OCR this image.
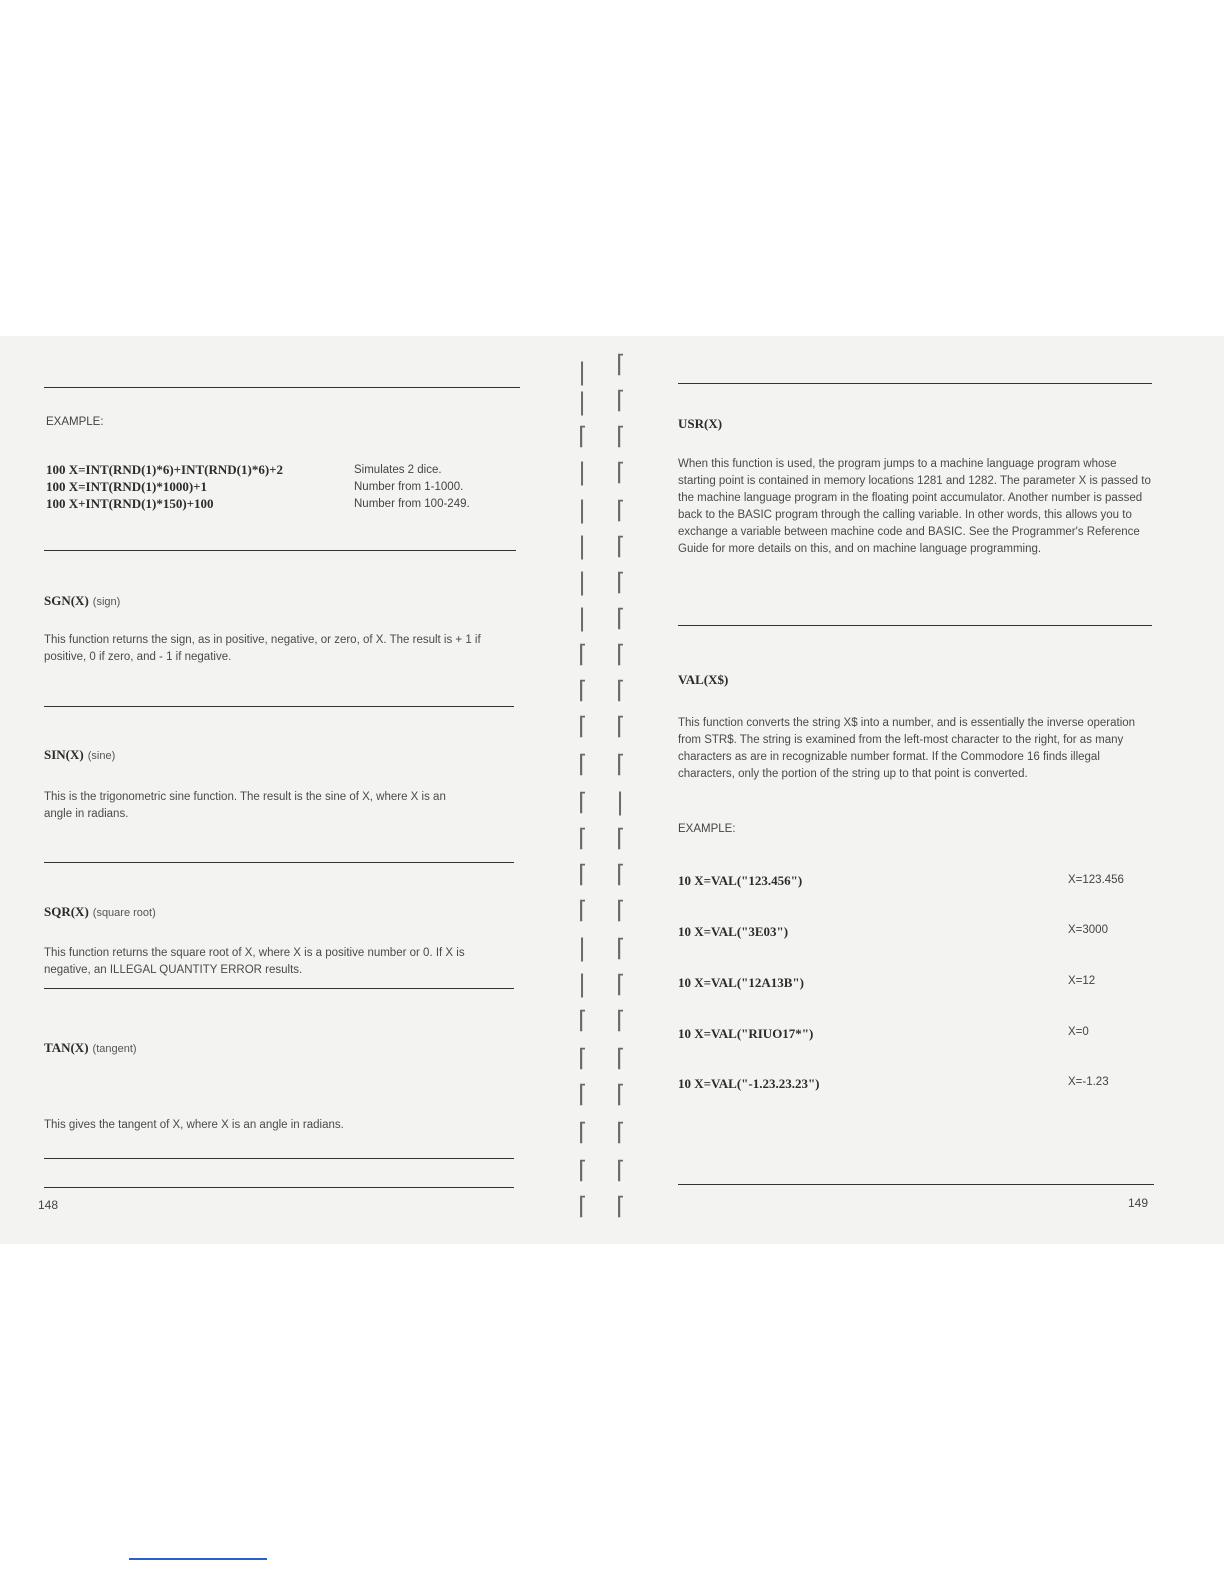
EXAMPLE:

100 X=INT(RND(1)*6)+INT(RND(1)*6)+2	Simulates 2 dice.

100 X=INT(RND(1)*1000)+1	Number from 1-1000.

100 X+INT(RND(1)*150)+100	Number from 100-249.

SGN(X) (sign)

This function returns the sign, as in positive, negative, or zero, of X. The result is + 1 if positive, 0 if zero, and - 1 if negative.

SIN(X) (sine)

This is the trigonometric sine function. The result is the sine of X, where X is an angle in radians.

SQR(X) (square root)

This function returns the square root of X, where X is a positive number or 0. If X is negative, an ILLEGAL QUANTITY ERROR results.

TAN(X) (tangent)

This gives the tangent of X, where X is an angle in radians.

148

| ⌈
| ⌈
⌈ ⌈
| ⌈
| ⌈
| ⌈
| ⌈
| ⌈
⌈ ⌈
⌈ ⌈
⌈ ⌈
⌈ ⌈
⌈ |
⌈ ⌈
⌈ ⌈
⌈ ⌈
| ⌈
| ⌈
⌈ ⌈
⌈ ⌈
⌈ ⌈
⌈ ⌈
⌈ ⌈
⌈ ⌈

USR(X)

When this function is used, the program jumps to a machine language program whose starting point is contained in memory locations 1281 and 1282. The parameter X is passed to the machine language program in the floating point accumulator. Another number is passed back to the BASIC program through the calling variable. In other words, this allows you to exchange a variable between machine code and BASIC. See the Programmer's Reference Guide for more details on this, and on machine language programming.

VAL(X$)

This function converts the string X$ into a number, and is essentially the inverse operation from STR$. The string is examined from the left-most character to the right, for as many characters as are in recognizable number format. If the Commodore 16 finds illegal characters, only the portion of the string up to that point is converted.

EXAMPLE:

10 X=VAL("123.456")	X=123.456

10 X=VAL("3E03")	X=3000

10 X=VAL("12A13B")	X=12

10 X=VAL("RIUO17*")	X=0

10 X=VAL("-1.23.23.23")	X=-1.23

149
